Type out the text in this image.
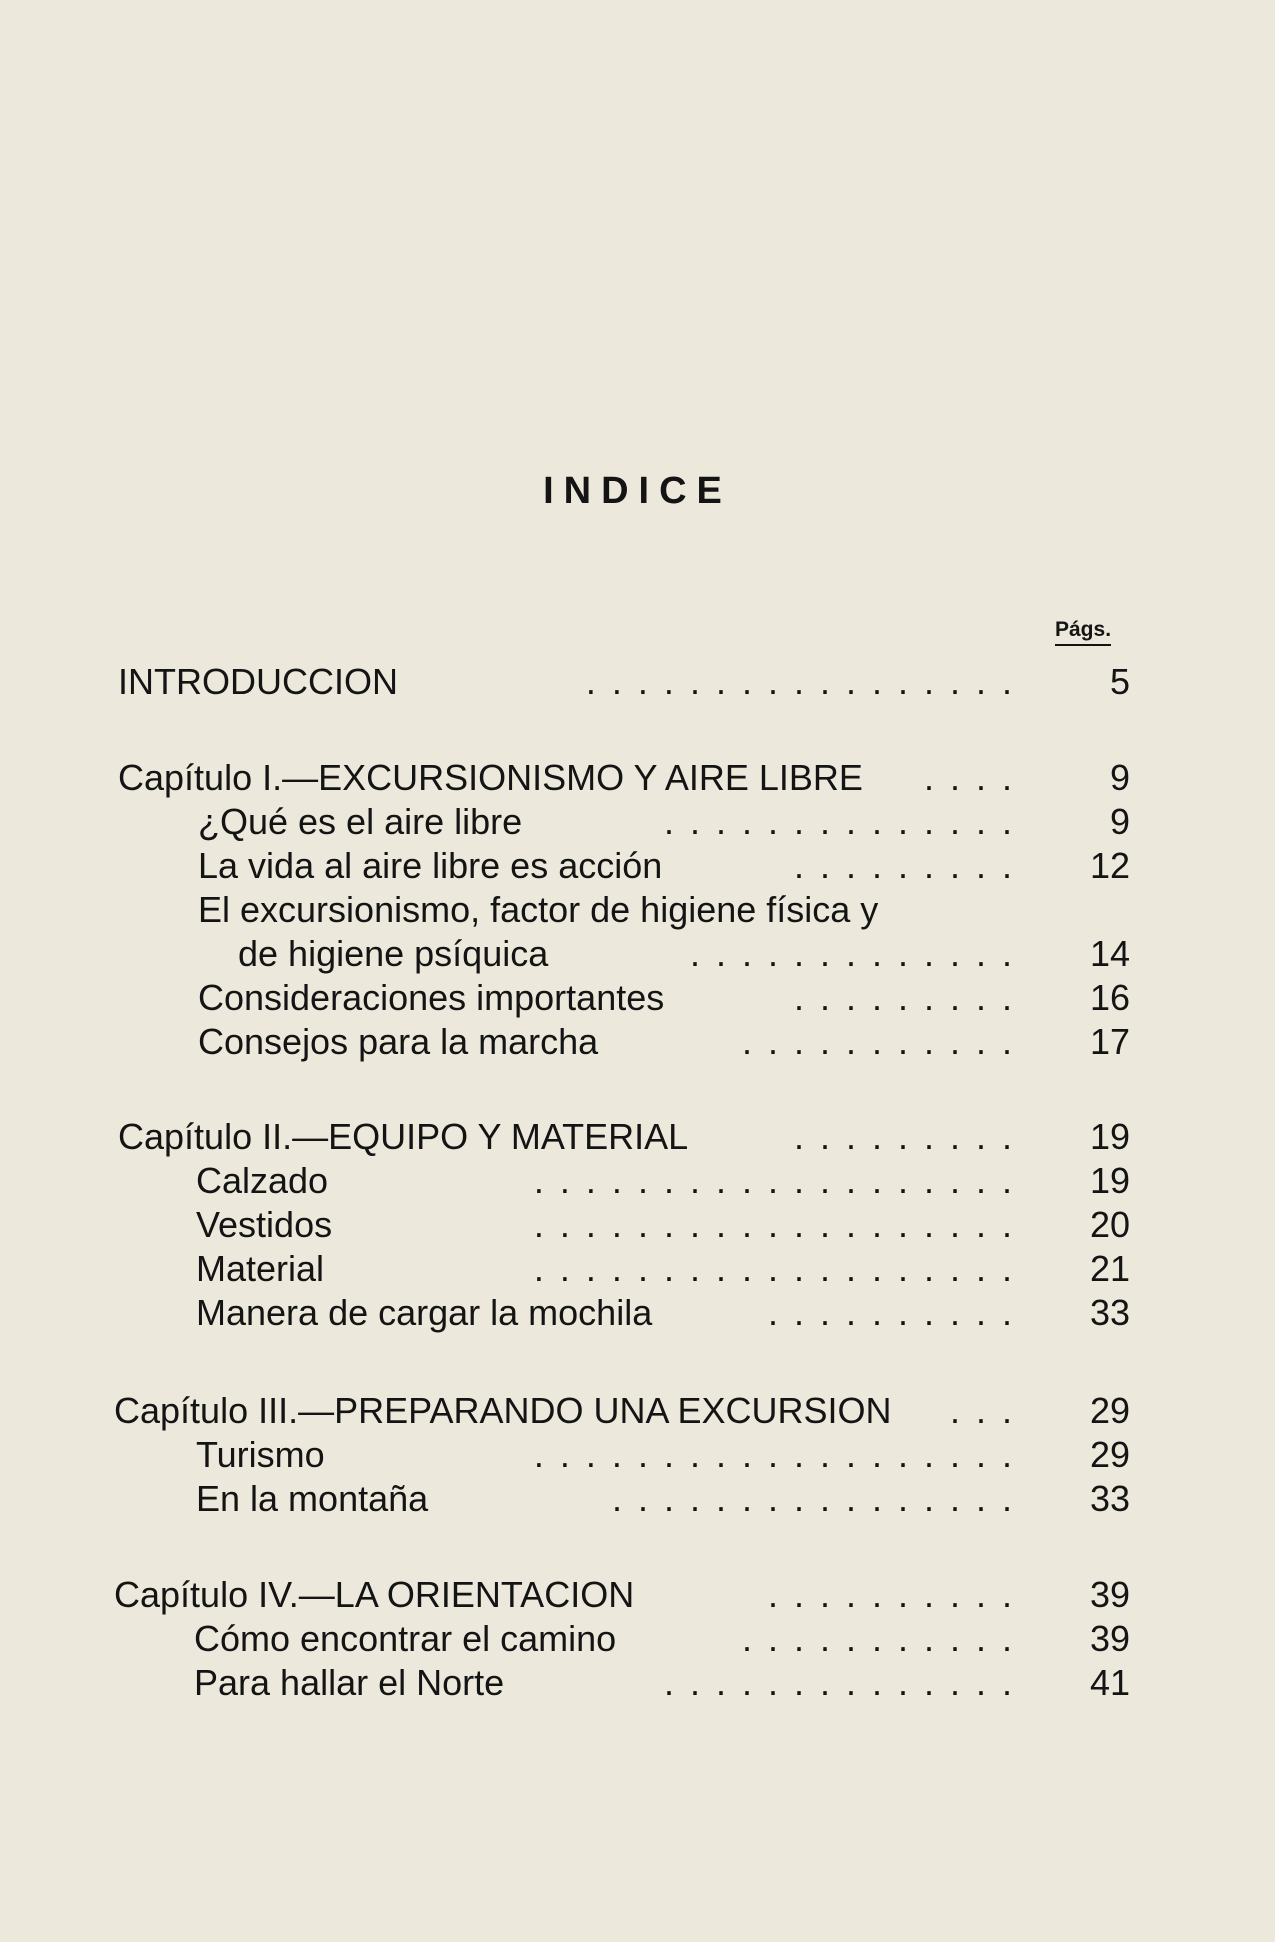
INDICE
Págs.
INTRODUCCION	5
. . . . . . . . . . . . . . . . .
Capítulo I.—EXCURSIONISMO Y AIRE LIBRE	9
. . . .
¿Qué es el aire libre	9
. . . . . . . . . . . . . .
La vida al aire libre es acción	12
. . . . . . . . .
El excursionismo, factor de higiene física y
de higiene psíquica	14
. . . . . . . . . . . . .
Consideraciones importantes	16
. . . . . . . . .
Consejos para la marcha	17
. . . . . . . . . . .
Capítulo II.—EQUIPO Y MATERIAL	19
. . . . . . . . .
Calzado	19
. . . . . . . . . . . . . . . . . . .
Vestidos	20
. . . . . . . . . . . . . . . . . . .
Material	21
. . . . . . . . . . . . . . . . . . .
Manera de cargar la mochila	33
. . . . . . . . . .
Capítulo III.—PREPARANDO UNA EXCURSION	29
. . .
Turismo	29
. . . . . . . . . . . . . . . . . . .
En la montaña	33
. . . . . . . . . . . . . . . .
Capítulo IV.—LA ORIENTACION	39
. . . . . . . . . .
Cómo encontrar el camino	39
. . . . . . . . . . .
Para hallar el Norte	41
. . . . . . . . . . . . . .
